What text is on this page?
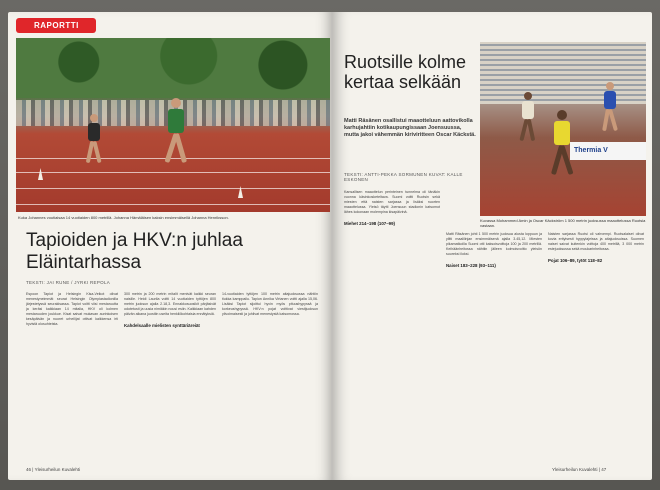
RAPORTTI
Kuka Johannes voutiaisaa 14 vuotiaiden 800 metrillä. Johanna Hämäläisen kaksin ensimmäisellä Johanna Henriksson.
Tapioiden ja HKV:n juhlaa Eläintarhassa
TEKSTI: JAI RUNE / JYRKI REPOLA
Espoon Tapiot ja Helsingin Kisa-Veikot olivat menestyneimmät seurat Helsingin Olympiastadionilla järjestetyssä seurakisassa. Tapiot voitti viisi mestaruutta ja keräsi kaikkiaan 14 mitalia, HKV oli kolmen mestaruuden joukkue. Kisat saivat mukavan aurinkoisen kesäpäivän ja nuoret urheilijat ottivat kaikkensa irti hyvistä olosuhteista.
300 metrin ja 200 metrin mitalit menivät kaikki seuran naisille. Heidi Laurila voitti 14 vuotiaiden tyttöjen 800 metrin juoksun ajalla 2.18,3. Ennakkosuosikit pärjäsivät odotetusti ja uusia nimiäkin nousi esiin. Kaikkiaan kahden päivän aikana juostiin useita henkilökohtaisia ennätyksiä.
Kahdelsaalle mielisten synttäriäreiät
14-vuotiaiden tyttöjen 100 metrin aitajuoksussa nähtiin tiukka kamppailu. Tapion Annika Virtanen voitti ajalla 15,06. Lisäksi Tapiot sijoittui hyvin myös pituushypyssä ja korkeushypyssä. HKV:n pojat voittivat viestijuoksun ylivoimaisesti ja juhlivat menestystä katsomossa.
46 | Yleisurheilun Kuvalehti
Ruotsille kolme kertaa selkään
Matti Räsänen osallistui maaotteluun aattovikolla karhujahtiin kotikaupungissaan Joensuussa, mutta jakoi vähemmän kiriviritteen Oscar Käckstä.
TEKSTI: ANTTI-PEKKA SORMUNEN KUVAT: KALLE ESKONEN
Thermia V
Kuvassa Mohammed Amin ja Oscar Käckström 1 500 metrin juoksussa maaottelussa Ruotsia vastaan.
Kansallisen maaottelun perinteinen tunnelma oli tänäkin vuonna käsinkosketeltava. Suomi voitti Ruotsin sekä miesten että naisten sarjassa ja lisäksi nuorten maaottelussa. Yleisö täytti Joensuun stadionin katsomot lähes kokonaan molempina kisapäivinä.
Miehet 214–198 (107–99)
Matti Räsänen johti 1 500 metrin juoksua alusta loppuun ja ylitti maalilinjan ensimmäisenä ajalla 3.45,12. Miesten pikamatkoilla Suomi otti kaksoisvoittoja 100 ja 200 metrillä. Keihäänheitossa nähtiin jälleen kolmoisvoitto yleisön suureksi iloksi.
Naiset 183–228 (93–111)
Naisten sarjassa Ruotsi oli vahvempi. Ruotsalaiset olivat kovia erityisesti hyppylajeissa ja aitajuoksuissa. Suomen naiset saivat kuitenkin voittoja 400 metrillä, 3 000 metrin estejuoksussa sekä moukarinheitossa.
Pojat 106–89, tytöt 118–82
Yleisurheilun Kuvalehti | 47
